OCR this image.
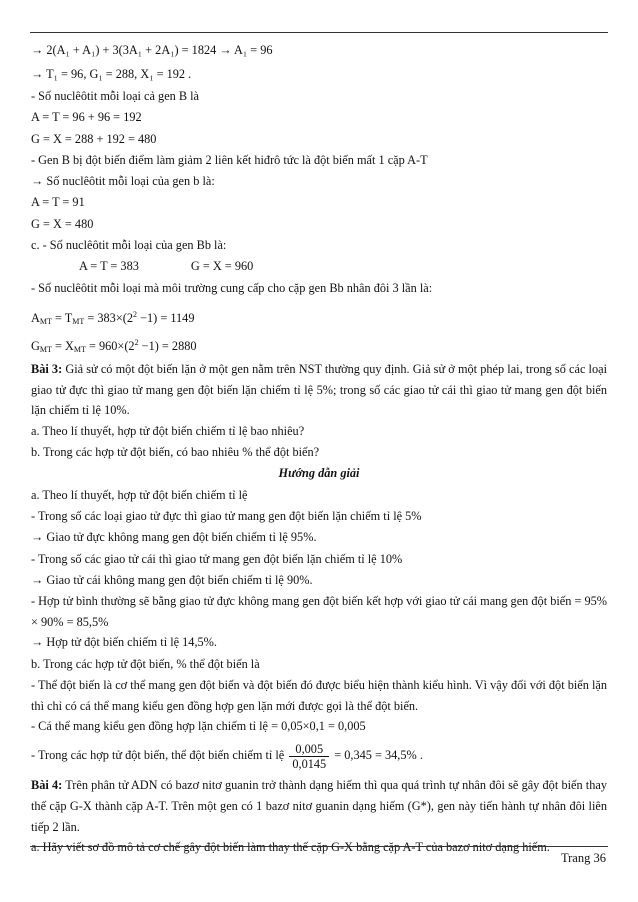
→ 2(A₁ + A₁) + 3(3A₁ + 2A₁) = 1824 → A₁ = 96
→ T₁ = 96, G₁ = 288, X₁ = 192 .
- Số nuclêôtit mỗi loại cả gen B là
A = T = 96 + 96 = 192
G = X = 288 + 192 = 480
- Gen B bị đột biến điểm làm giảm 2 liên kết hiđrô tức là đột biến mất 1 cặp A-T
→ Số nuclêôtit mỗi loại của gen b là:
A = T = 91
G = X = 480
c. - Số nuclêôtit mỗi loại của gen Bb là:
A = T = 383	G = X = 960
- Số nuclêôtit mỗi loại mà môi trường cung cấp cho cặp gen Bb nhân đôi 3 lần là:
$A_{MT} = T_{MT} = 383\times(2^2 -1) = 1149$
$G_{MT} = X_{MT} = 960\times(2^2 -1) = 2880$

Bài 3: Giả sử có một đột biến lặn ở một gen nằm trên NST thường quy định. Giả sử ở một phép lai, trong số các loại giao tử đực thì giao tử mang gen đột biến lặn chiếm tỉ lệ 5%; trong số các giao tử cái thì giao tử mang gen đột biến lặn chiếm tỉ lệ 10%.

a. Theo lí thuyết, hợp tử đột biến chiếm tỉ lệ bao nhiêu?
b. Trong các hợp tử đột biến, có bao nhiêu % thể đột biến?
Hướng dẫn giải
a. Theo lí thuyết, hợp tử đột biến chiếm tỉ lệ
- Trong số các loại giao tử đực thì giao tử mang gen đột biến lặn chiếm tỉ lệ 5%
→ Giao tử đực không mang gen đột biến chiếm tỉ lệ 95%.
- Trong số các giao tử cái thì giao tử mang gen đột biến lặn chiếm tỉ lệ 10%
→ Giao tử cái không mang gen đột biến chiếm tỉ lệ 90%.

- Hợp tử bình thường sẽ bằng giao tử đực không mang gen đột biến kết hợp với giao tử cái mang gen đột biến = 95% × 90% = 85,5%

→ Hợp tử đột biến chiếm tỉ lệ 14,5%.
b. Trong các hợp tử đột biến, % thể đột biến là

- Thể đột biến là cơ thể mang gen đột biến và đột biến đó được biểu hiện thành kiểu hình. Vì vậy đối với đột biến lặn thì chỉ có cá thể mang kiểu gen đồng hợp gen lặn mới được gọi là thể đột biến.

- Cá thể mang kiểu gen đồng hợp lặn chiếm tỉ lệ = 0,05×0,1 = 0,005
- Trong các hợp tử đột biến, thể đột biến chiếm tỉ lệ $\frac{0,005}{0,0145} = 0,345 = 34,5\%$ .

Bài 4: Trên phân tử ADN có bazơ nitơ guanin trở thành dạng hiếm thì qua quá trình tự nhân đôi sẽ gây đột biến thay thế cặp G-X thành cặp A-T. Trên một gen có 1 bazơ nitơ guanin dạng hiếm (G*), gen này tiến hành tự nhân đôi liên tiếp 2 lần.

a. Hãy viết sơ đồ mô tả cơ chế gây đột biến làm thay thế cặp G-X bằng cặp A-T của bazơ nitơ dạng hiếm.
Trang 36
